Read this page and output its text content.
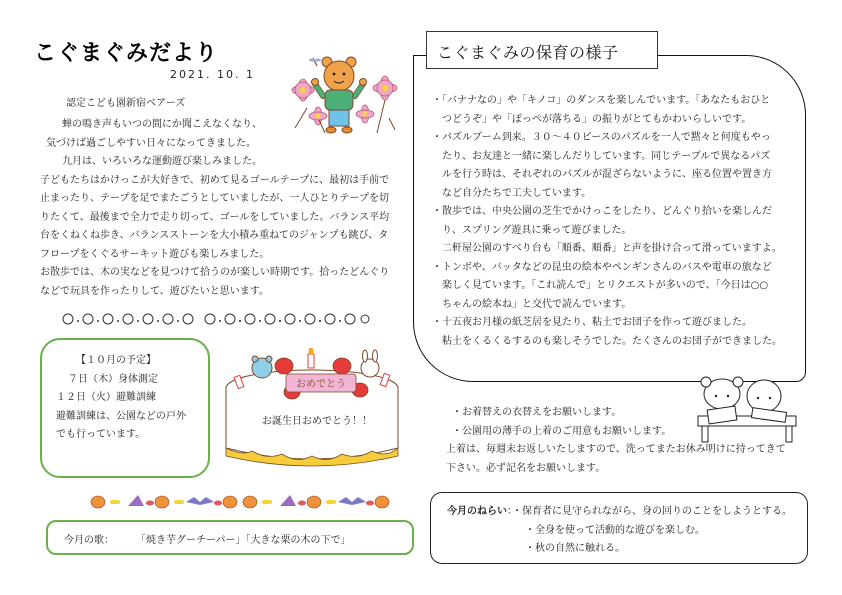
こぐまぐみだより
2021. 10. 1
認定こども園新宿ベアーズ
蝉の鳴き声もいつの間にか聞こえなくなり、
気づけば過ごしやすい日々になってきました。
九月は、いろいろな運動遊び楽しみました。
子どもたちはかけっこが大好きで、初めて見るゴールテープに、最初は手前で
止まったり、テープを足でまたごうとしていましたが、一人ひとりテープを切
りたくて、最後まで全力で走り切って、ゴールをしていました。バランス平均
台をくねくね歩き、バランスストーンを大小積み重ねてのジャンプも跳び、タ
フロープをくぐるサーキット遊びも楽しみました。
お散歩では、木の実などを見つけて拾うのが楽しい時期です。拾ったどんぐり
などで玩具を作ったりして、遊びたいと思います。
【１０月の予定】
７日（木）身体測定
１２日（火）避難訓練
避難訓練は、公園などの戸外
でも行っています。
おめでとう
お誕生日おめでとう！！
今月の歌： 「焼き芋グーチーパー」「大きな栗の木の下で」
こぐまぐみの保育の様子
・「バナナなの」や「キノコ」のダンスを楽しんでいます。「あなたもおひと
つどうぞ」や「ぽっぺが落ちる」の振りがとてもかわいらしいです。
・パズルブーム到来。３０～４０ピースのパズルを一人で黙々と何度もやっ
たり、お友達と一緒に楽しんだりしています。同じテーブルで異なるパズ
ルを行う時は、それぞれのパズルが混ざらないように、座る位置や置き方
など自分たちで工夫しています。
・散歩では、中央公園の芝生でかけっこをしたり、どんぐり拾いを楽しんだ
り、スプリング遊具に乗って遊びました。
二軒屋公園のすべり台も「順番、順番」と声を掛け合って滑っていますよ。
・トンボや、バッタなどの昆虫の絵本やペンギンさんのバスや電車の旅など
楽しく見ています。「これ読んで」とリクエストが多いので、「今日は○○
ちゃんの絵本ね」と交代で読んでいます。
・十五夜お月様の紙芝居を見たり、粘土でお団子を作って遊びました。
粘土をくるくるするのも楽しそうでした。たくさんのお団子ができました。
・お着替えの衣替えをお願いします。
・公園用の薄手の上着のご用意もお願いします。
上着は、毎週末お返しいたしますので、洗ってまたお休み明けに持ってきて
下さい。必ず記名をお願いします。
今月のねらい：・保育者に見守られながら、身の回りのことをしようとする。
・全身を使って活動的な遊びを楽しむ。
・秋の自然に触れる。
